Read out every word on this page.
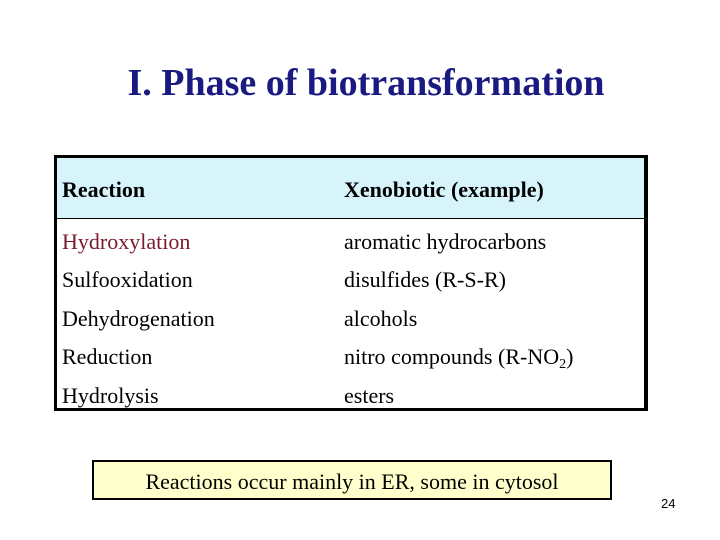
I. Phase of biotransformation
Reaction	Xenobiotic (example)
Hydroxylation	aromatic hydrocarbons
Sulfooxidation	disulfides (R-S-R)
Dehydrogenation	alcohols
Reduction	nitro compounds $(R-NO_2)$
Hydrolysis	esters
Reactions occur mainly in ER, some in cytosol
24
